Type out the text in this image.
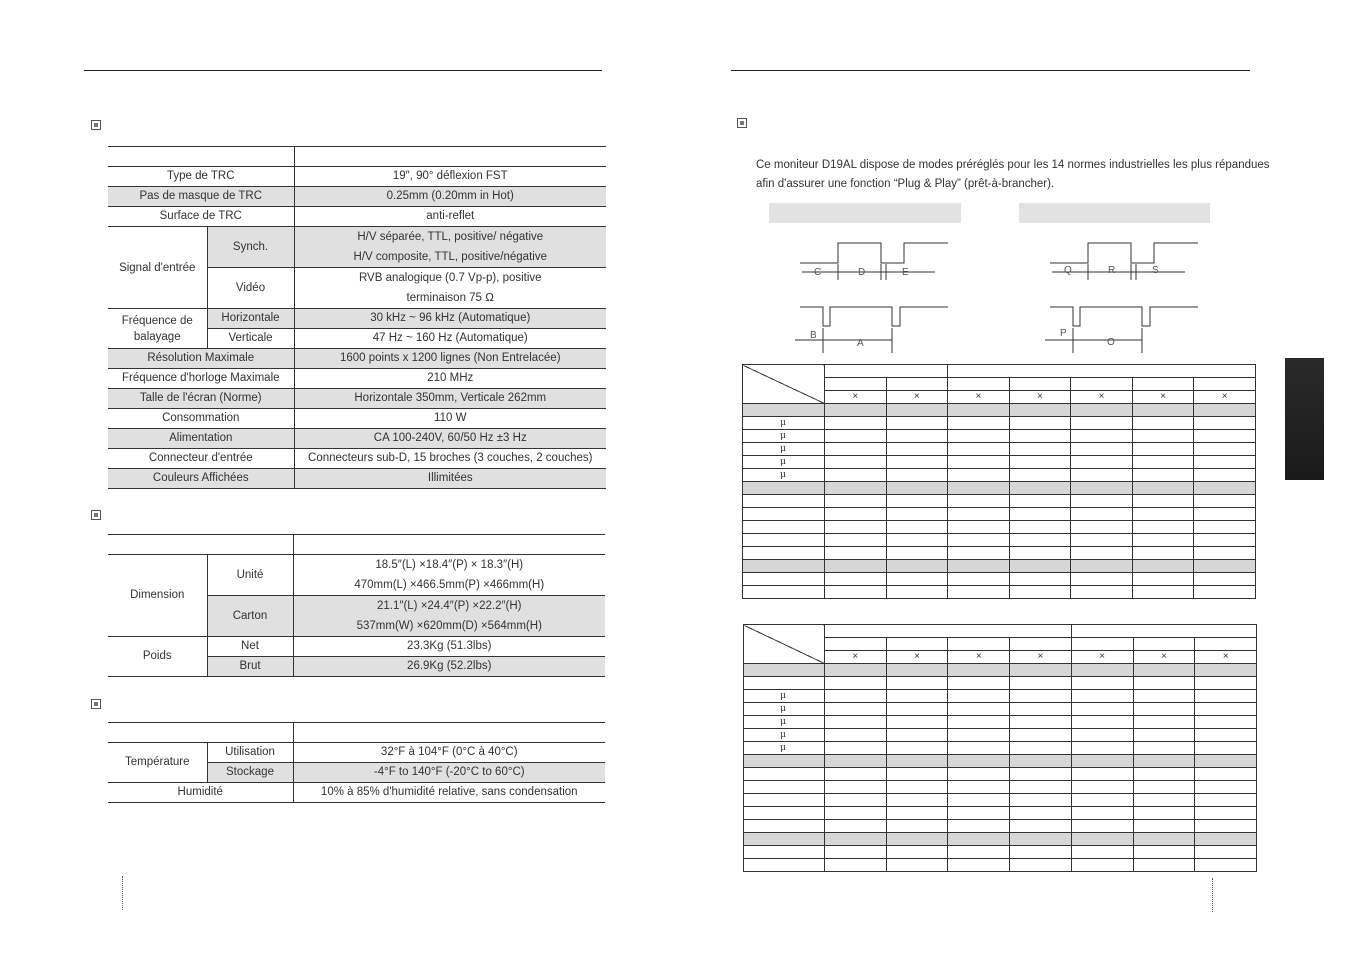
Type de TRC		19″, 90° déflexion FST
Pas de masque de TRC		0.25mm (0.20mm in Hot)
Surface de TRC		anti-reflet
Signal d'entrée	Synch.	H/V séparée, TTL, positive/ négative
H/V composite, TTL, positive/négative

	Vidéo	RVB analogique (0.7 Vp-p), positive
terminaison 75 Ω

Fréquence de balayage	Horizontale	30 kHz ~ 96 kHz (Automatique)
	Verticale	47 Hz ~ 160 Hz (Automatique)
Résolution Maximale		1600 points x 1200 lignes (Non Entrelacée)
Fréquence d'horloge Maximale		210 MHz
Talle de l'écran (Norme)		Horizontale 350mm, Verticale 262mm
Consommation		110 W
Alimentation		CA 100-240V, 60/50 Hz ±3 Hz
Connecteur d'entrée		Connecteurs sub-D, 15 broches (3 couches, 2 couches)
Couleurs Affichées		Illimitées

Dimension	Unité	18.5″(L) ×18.4″(P) × 18.3″(H)
470mm(L) ×466.5mm(P) ×466mm(H)

	Carton	21.1″(L) ×24.4″(P) ×22.2″(H)
537mm(W) ×620mm(D) ×564mm(H)

Poids	Net	23.3Kg (51.3lbs)
	Brut	26.9Kg (52.2lbs)

Température	Utilisation	32°F à 104°F (0°C à 40°C)
	Stockage	-4°F to 140°F (-20°C to 60°C)
Humidité		10% à 85% d'humidité relative, sans condensation
Ce moniteur D19AL dispose de modes préréglés pour les 14 normes industrielles les plus répandues
afin d'assurer une fonction “Plug & Play” (prêt-à-brancher).
C	D	E
B
A
Q	R	S
P
O

	×	×	×	×	×	×	×

μ							
μ							
μ							
μ							
μ							

	×	×	×	×	×	×	×

μ							
μ							
μ							
μ							
μ							
